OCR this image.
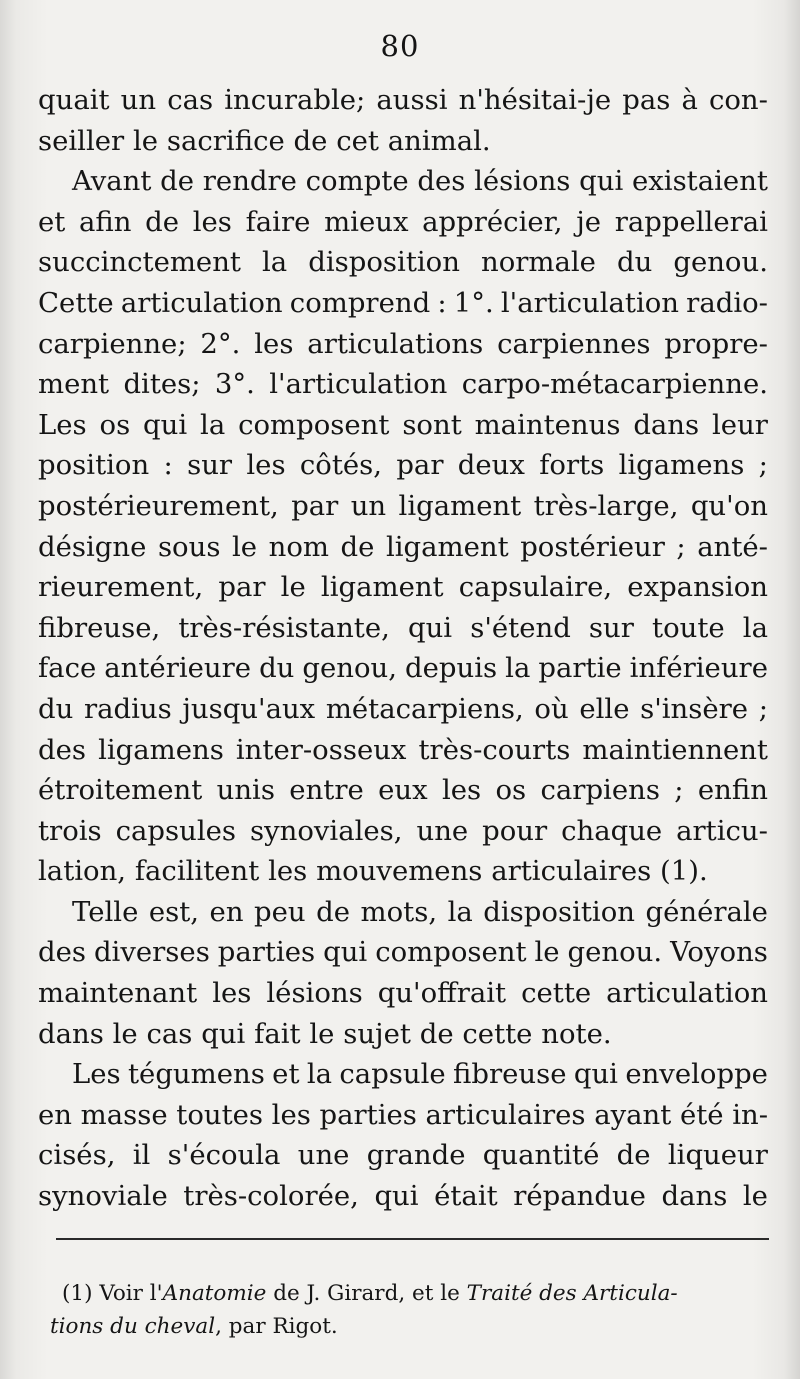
80
quait un cas incurable; aussi n'hésitai-je pas à con-
seiller le sacrifice de cet animal.
Avant de rendre compte des lésions qui existaient
et afin de les faire mieux apprécier, je rappellerai
succinctement la disposition normale du genou.
Cette articulation comprend : 1°. l'articulation radio-
carpienne; 2°. les articulations carpiennes propre-
ment dites; 3°. l'articulation carpo-métacarpienne.
Les os qui la composent sont maintenus dans leur
position : sur les côtés, par deux forts ligamens ;
postérieurement, par un ligament très-large, qu'on
désigne sous le nom de ligament postérieur ; anté-
rieurement, par le ligament capsulaire, expansion
fibreuse, très-résistante, qui s'étend sur toute la
face antérieure du genou, depuis la partie inférieure
du radius jusqu'aux métacarpiens, où elle s'insère ;
des ligamens inter-osseux très-courts maintiennent
étroitement unis entre eux les os carpiens ; enfin
trois capsules synoviales, une pour chaque articu-
lation, facilitent les mouvemens articulaires (1).
Telle est, en peu de mots, la disposition générale
des diverses parties qui composent le genou. Voyons
maintenant les lésions qu'offrait cette articulation
dans le cas qui fait le sujet de cette note.
Les tégumens et la capsule fibreuse qui enveloppe
en masse toutes les parties articulaires ayant été in-
cisés, il s'écoula une grande quantité de liqueur
synoviale très-colorée, qui était répandue dans le
(1) Voir l'Anatomie de J. Girard, et le Traité des Articula-
tions du cheval, par Rigot.
